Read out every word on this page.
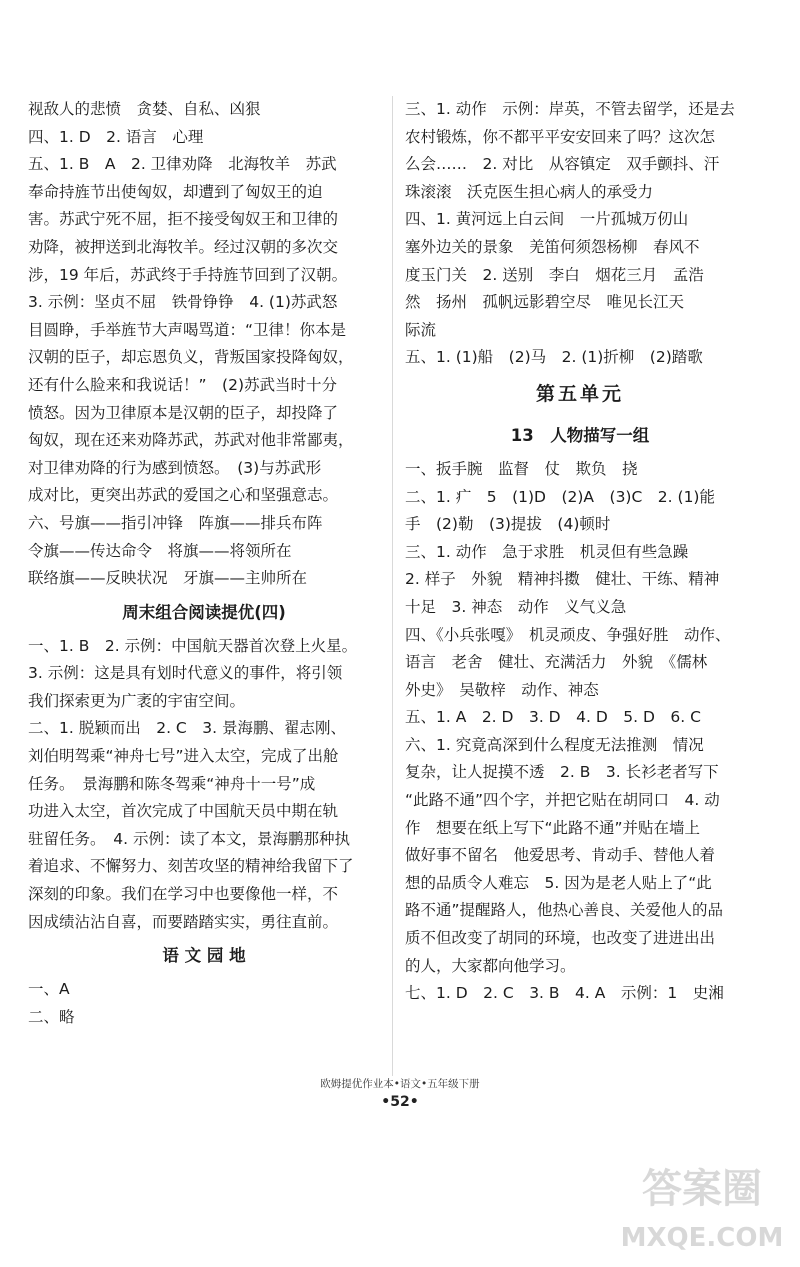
视敌人的悲愤　贪婪、自私、凶狠
四、1. D　2. 语言　心理
五、1. B　A　2. 卫律劝降　北海牧羊　苏武
奉命持旌节出使匈奴，却遭到了匈奴王的迫
害。苏武宁死不屈，拒不接受匈奴王和卫律的
劝降，被押送到北海牧羊。经过汉朝的多次交
涉，19 年后，苏武终于手持旌节回到了汉朝。
3. 示例：坚贞不屈　铁骨铮铮　4. (1)苏武怒
目圆睁，手举旌节大声喝骂道：“卫律！你本是
汉朝的臣子，却忘恩负义，背叛国家投降匈奴，
还有什么脸来和我说话！”　(2)苏武当时十分
愤怒。因为卫律原本是汉朝的臣子，却投降了
匈奴，现在还来劝降苏武，苏武对他非常鄙夷，
对卫律劝降的行为感到愤怒。　(3)与苏武形
成对比，更突出苏武的爱国之心和坚强意志。
六、号旗——指引冲锋　阵旗——排兵布阵
令旗——传达命令　将旗——将领所在
联络旗——反映状况　牙旗——主帅所在
周末组合阅读提优(四)
一、1. B　2. 示例：中国航天器首次登上火星。
3. 示例：这是具有划时代意义的事件，将引领
我们探索更为广袤的宇宙空间。
二、1. 脱颖而出　2. C　3. 景海鹏、翟志刚、
刘伯明驾乘“神舟七号”进入太空，完成了出舱
任务。　景海鹏和陈冬驾乘“神舟十一号”成
功进入太空，首次完成了中国航天员中期在轨
驻留任务。　4. 示例：读了本文，景海鹏那种执
着追求、不懈努力、刻苦攻坚的精神给我留下了
深刻的印象。我们在学习中也要像他一样，不
因成绩沾沾自喜，而要踏踏实实，勇往直前。
语 文 园 地
一、A
二、略
三、1. 动作　示例：岸英，不管去留学，还是去
农村锻炼，你不都平平安安回来了吗？这次怎
么会……　2. 对比　从容镇定　双手颤抖、汗
珠滚滚　沃克医生担心病人的承受力
四、1. 黄河远上白云间　一片孤城万仞山
塞外边关的景象　羌笛何须怨杨柳　春风不
度玉门关　2. 送别　李白　烟花三月　孟浩
然　扬州　孤帆远影碧空尽　唯见长江天
际流
五、1. (1)船　(2)马　2. (1)折柳　(2)踏歌
第五单元
13　人物描写一组
一、扳手腕　监督　仗　欺负　挠
二、1. 疒　5　(1)D　(2)A　(3)C　2. (1)能
手　(2)勒　(3)提拔　(4)顿时
三、1. 动作　急于求胜　机灵但有些急躁
2. 样子　外貌　精神抖擞　健壮、干练、精神
十足　3. 神态　动作　义气义急
四、《小兵张嘎》　机灵顽皮、争强好胜　动作、
语言　老舍　健壮、充满活力　外貌　《儒林
外史》　吴敬梓　动作、神态
五、1. A　2. D　3. D　4. D　5. D　6. C
六、1. 究竟高深到什么程度无法推测　情况
复杂，让人捉摸不透　2. B　3. 长衫老者写下
“此路不通”四个字，并把它贴在胡同口　4. 动
作　想要在纸上写下“此路不通”并贴在墙上
做好事不留名　他爱思考、肯动手、替他人着
想的品质令人难忘　5. 因为是老人贴上了“此
路不通”提醒路人，他热心善良、关爱他人的品
质不但改变了胡同的环境，也改变了进进出出
的人，大家都向他学习。
七、1. D　2. C　3. B　4. A　示例：1　史湘
欧姆提优作业本•语文•五年级下册
•52•
答案圈
MXQE.COM
